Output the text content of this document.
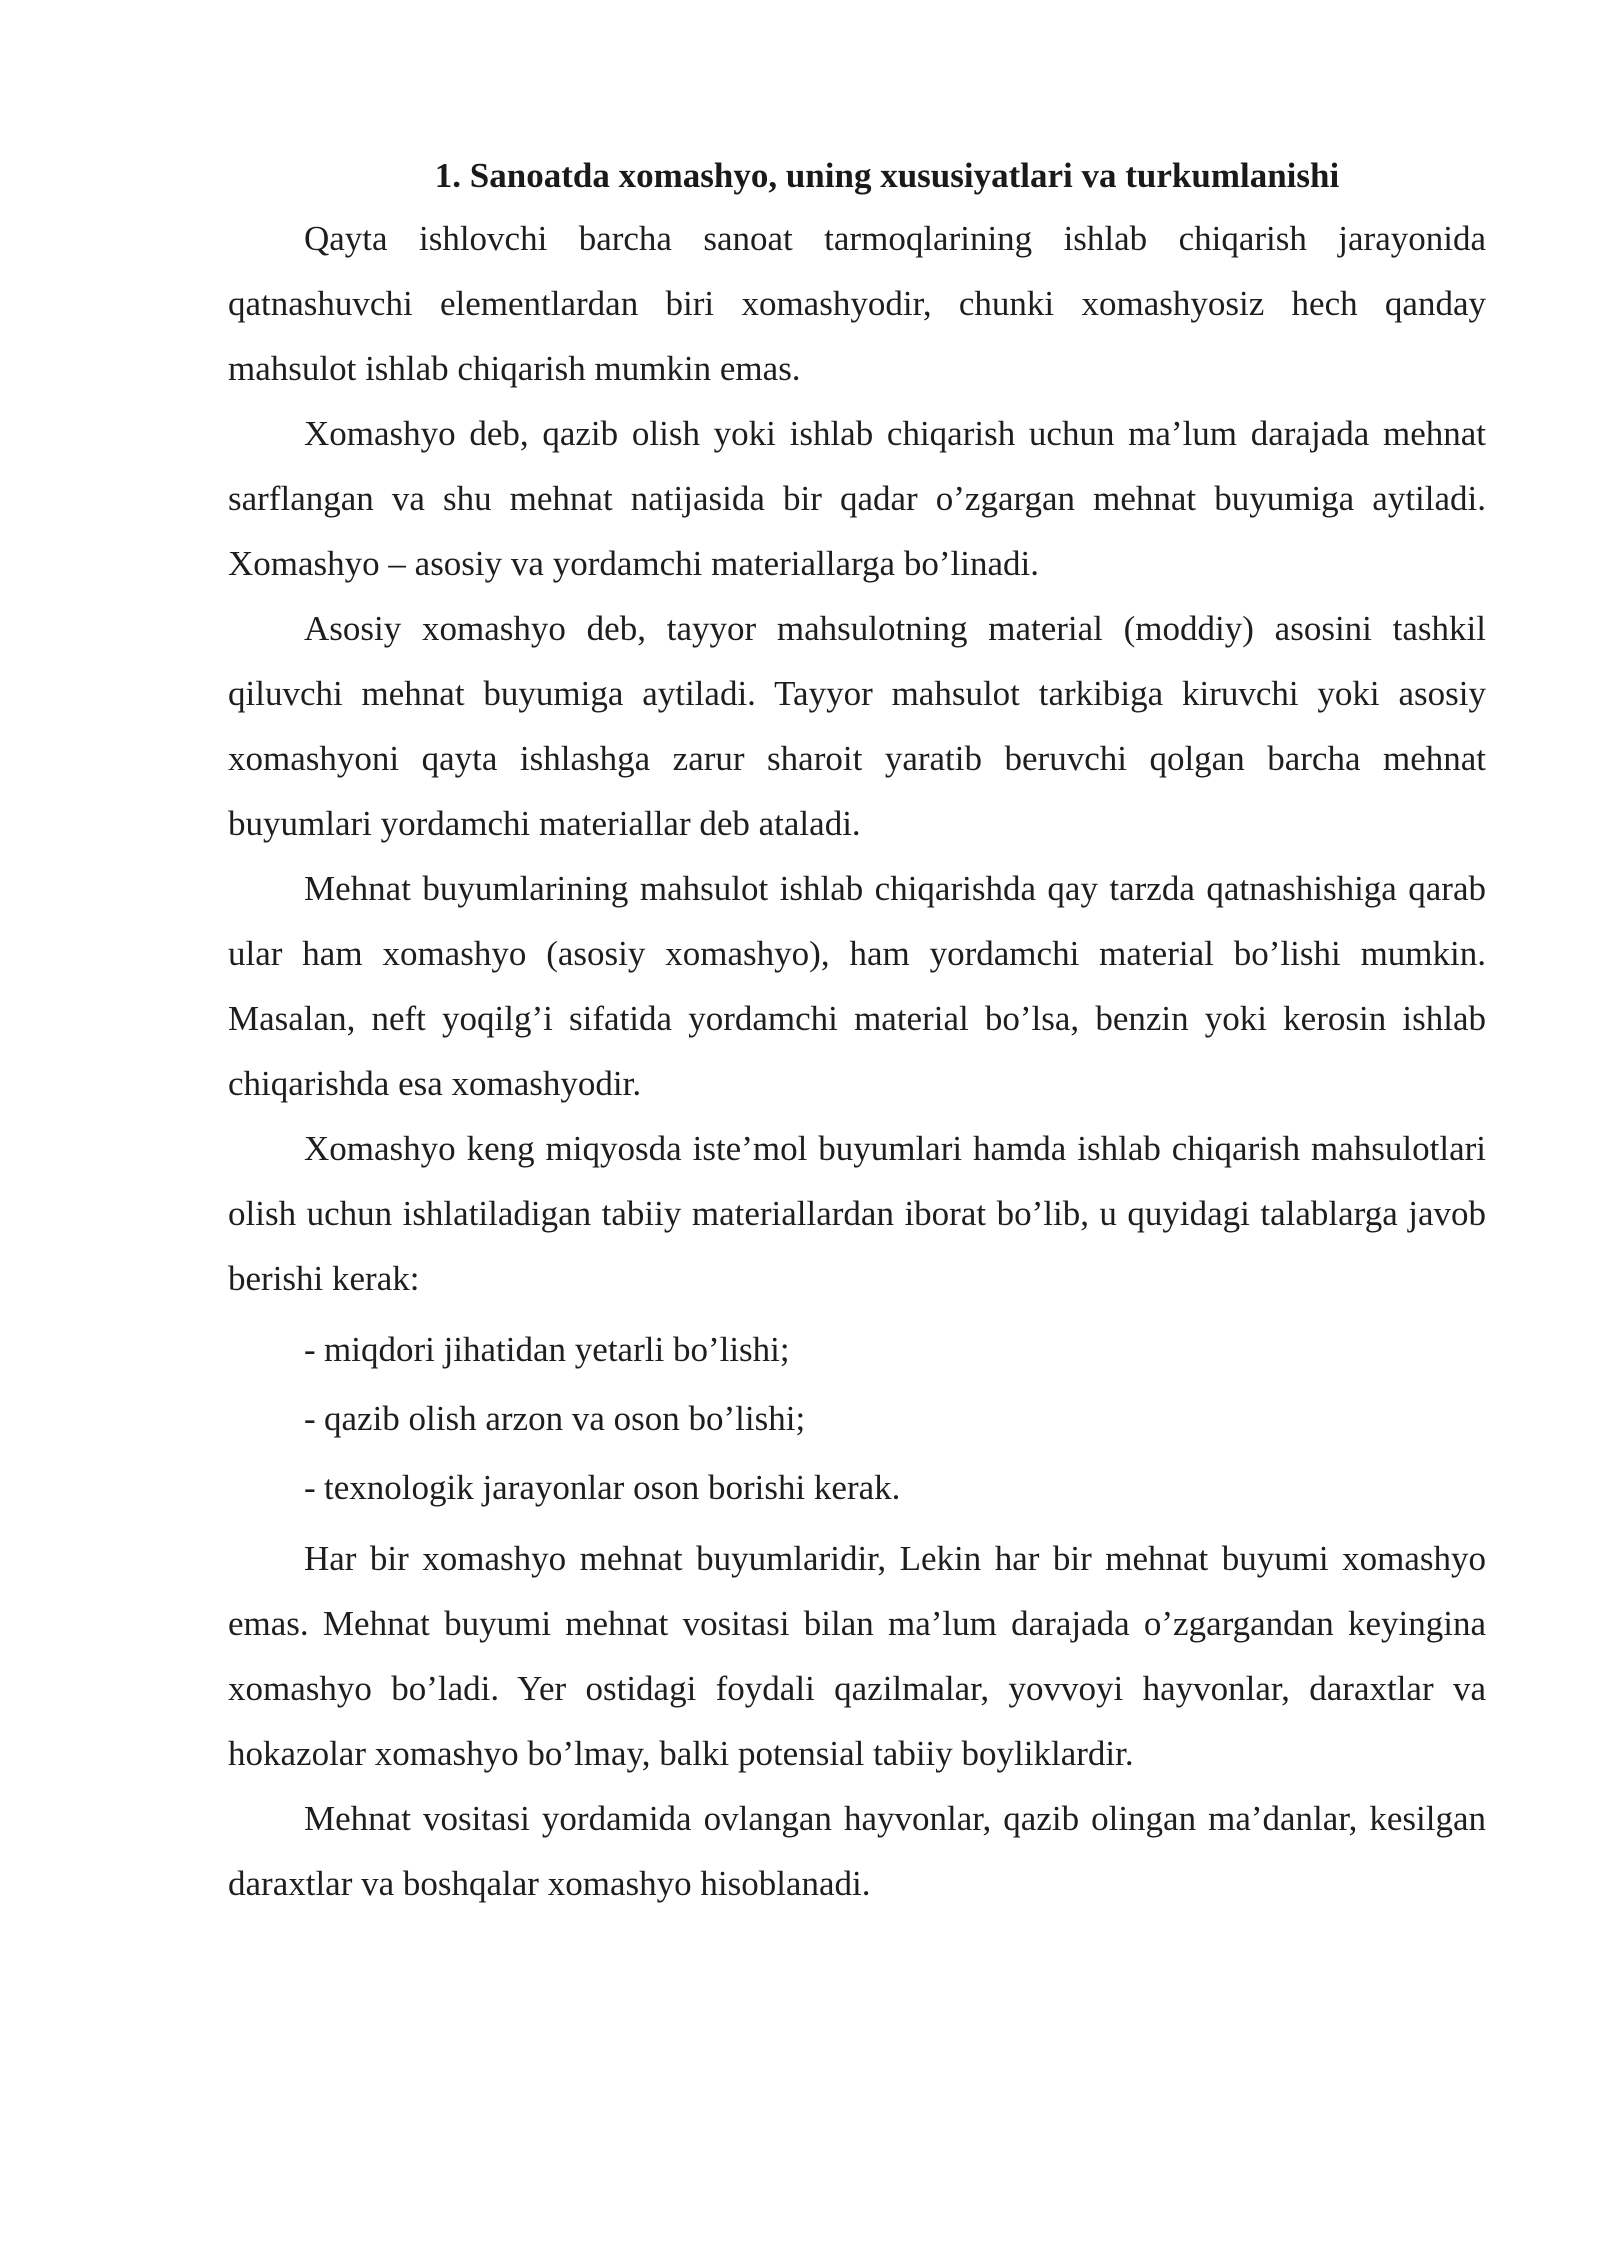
1. Sanoatda xomashyo, uning xususiyatlari va turkumlanishi

Qayta ishlovchi barcha sanoat tarmoqlarining ishlab chiqarish jarayonida qatnashuvchi elementlardan biri xomashyodir, chunki xomashyosiz hech qanday mahsulot ishlab chiqarish mumkin emas.

Xomashyo deb, qazib olish yoki ishlab chiqarish uchun ma’lum darajada mehnat sarflangan va shu mehnat natijasida bir qadar o’zgargan mehnat buyumiga aytiladi. Xomashyo – asosiy va yordamchi materiallarga bo’linadi.

Asosiy xomashyo deb, tayyor mahsulotning material (moddiy) asosini tashkil qiluvchi mehnat buyumiga aytiladi. Tayyor mahsulot tarkibiga kiruvchi yoki asosiy xomashyoni qayta ishlashga zarur sharoit yaratib beruvchi qolgan barcha mehnat buyumlari yordamchi materiallar deb ataladi.

Mehnat buyumlarining mahsulot ishlab chiqarishda qay tarzda qatnashishiga qarab ular ham xomashyo (asosiy xomashyo), ham yordamchi material bo’lishi mumkin. Masalan, neft yoqilg’i sifatida yordamchi material bo’lsa, benzin yoki kerosin ishlab chiqarishda esa xomashyodir.

Xomashyo keng miqyosda iste’mol buyumlari hamda ishlab chiqarish mahsulotlari olish uchun ishlatiladigan tabiiy materiallardan iborat bo’lib, u quyidagi talablarga javob berishi kerak:

- miqdori jihatidan yetarli bo’lishi;
- qazib olish arzon va oson bo’lishi;
- texnologik jarayonlar oson borishi kerak.

Har bir xomashyo mehnat buyumlaridir, Lekin har bir mehnat buyumi xomashyo emas. Mehnat buyumi mehnat vositasi bilan ma’lum darajada o’zgargandan keyingina xomashyo bo’ladi. Yer ostidagi foydali qazilmalar, yovvoyi hayvonlar, daraxtlar va hokazolar xomashyo bo’lmay, balki potensial tabiiy boyliklardir.

Mehnat vositasi yordamida ovlangan hayvonlar, qazib olingan ma’danlar, kesilgan daraxtlar va boshqalar xomashyo hisoblanadi.
